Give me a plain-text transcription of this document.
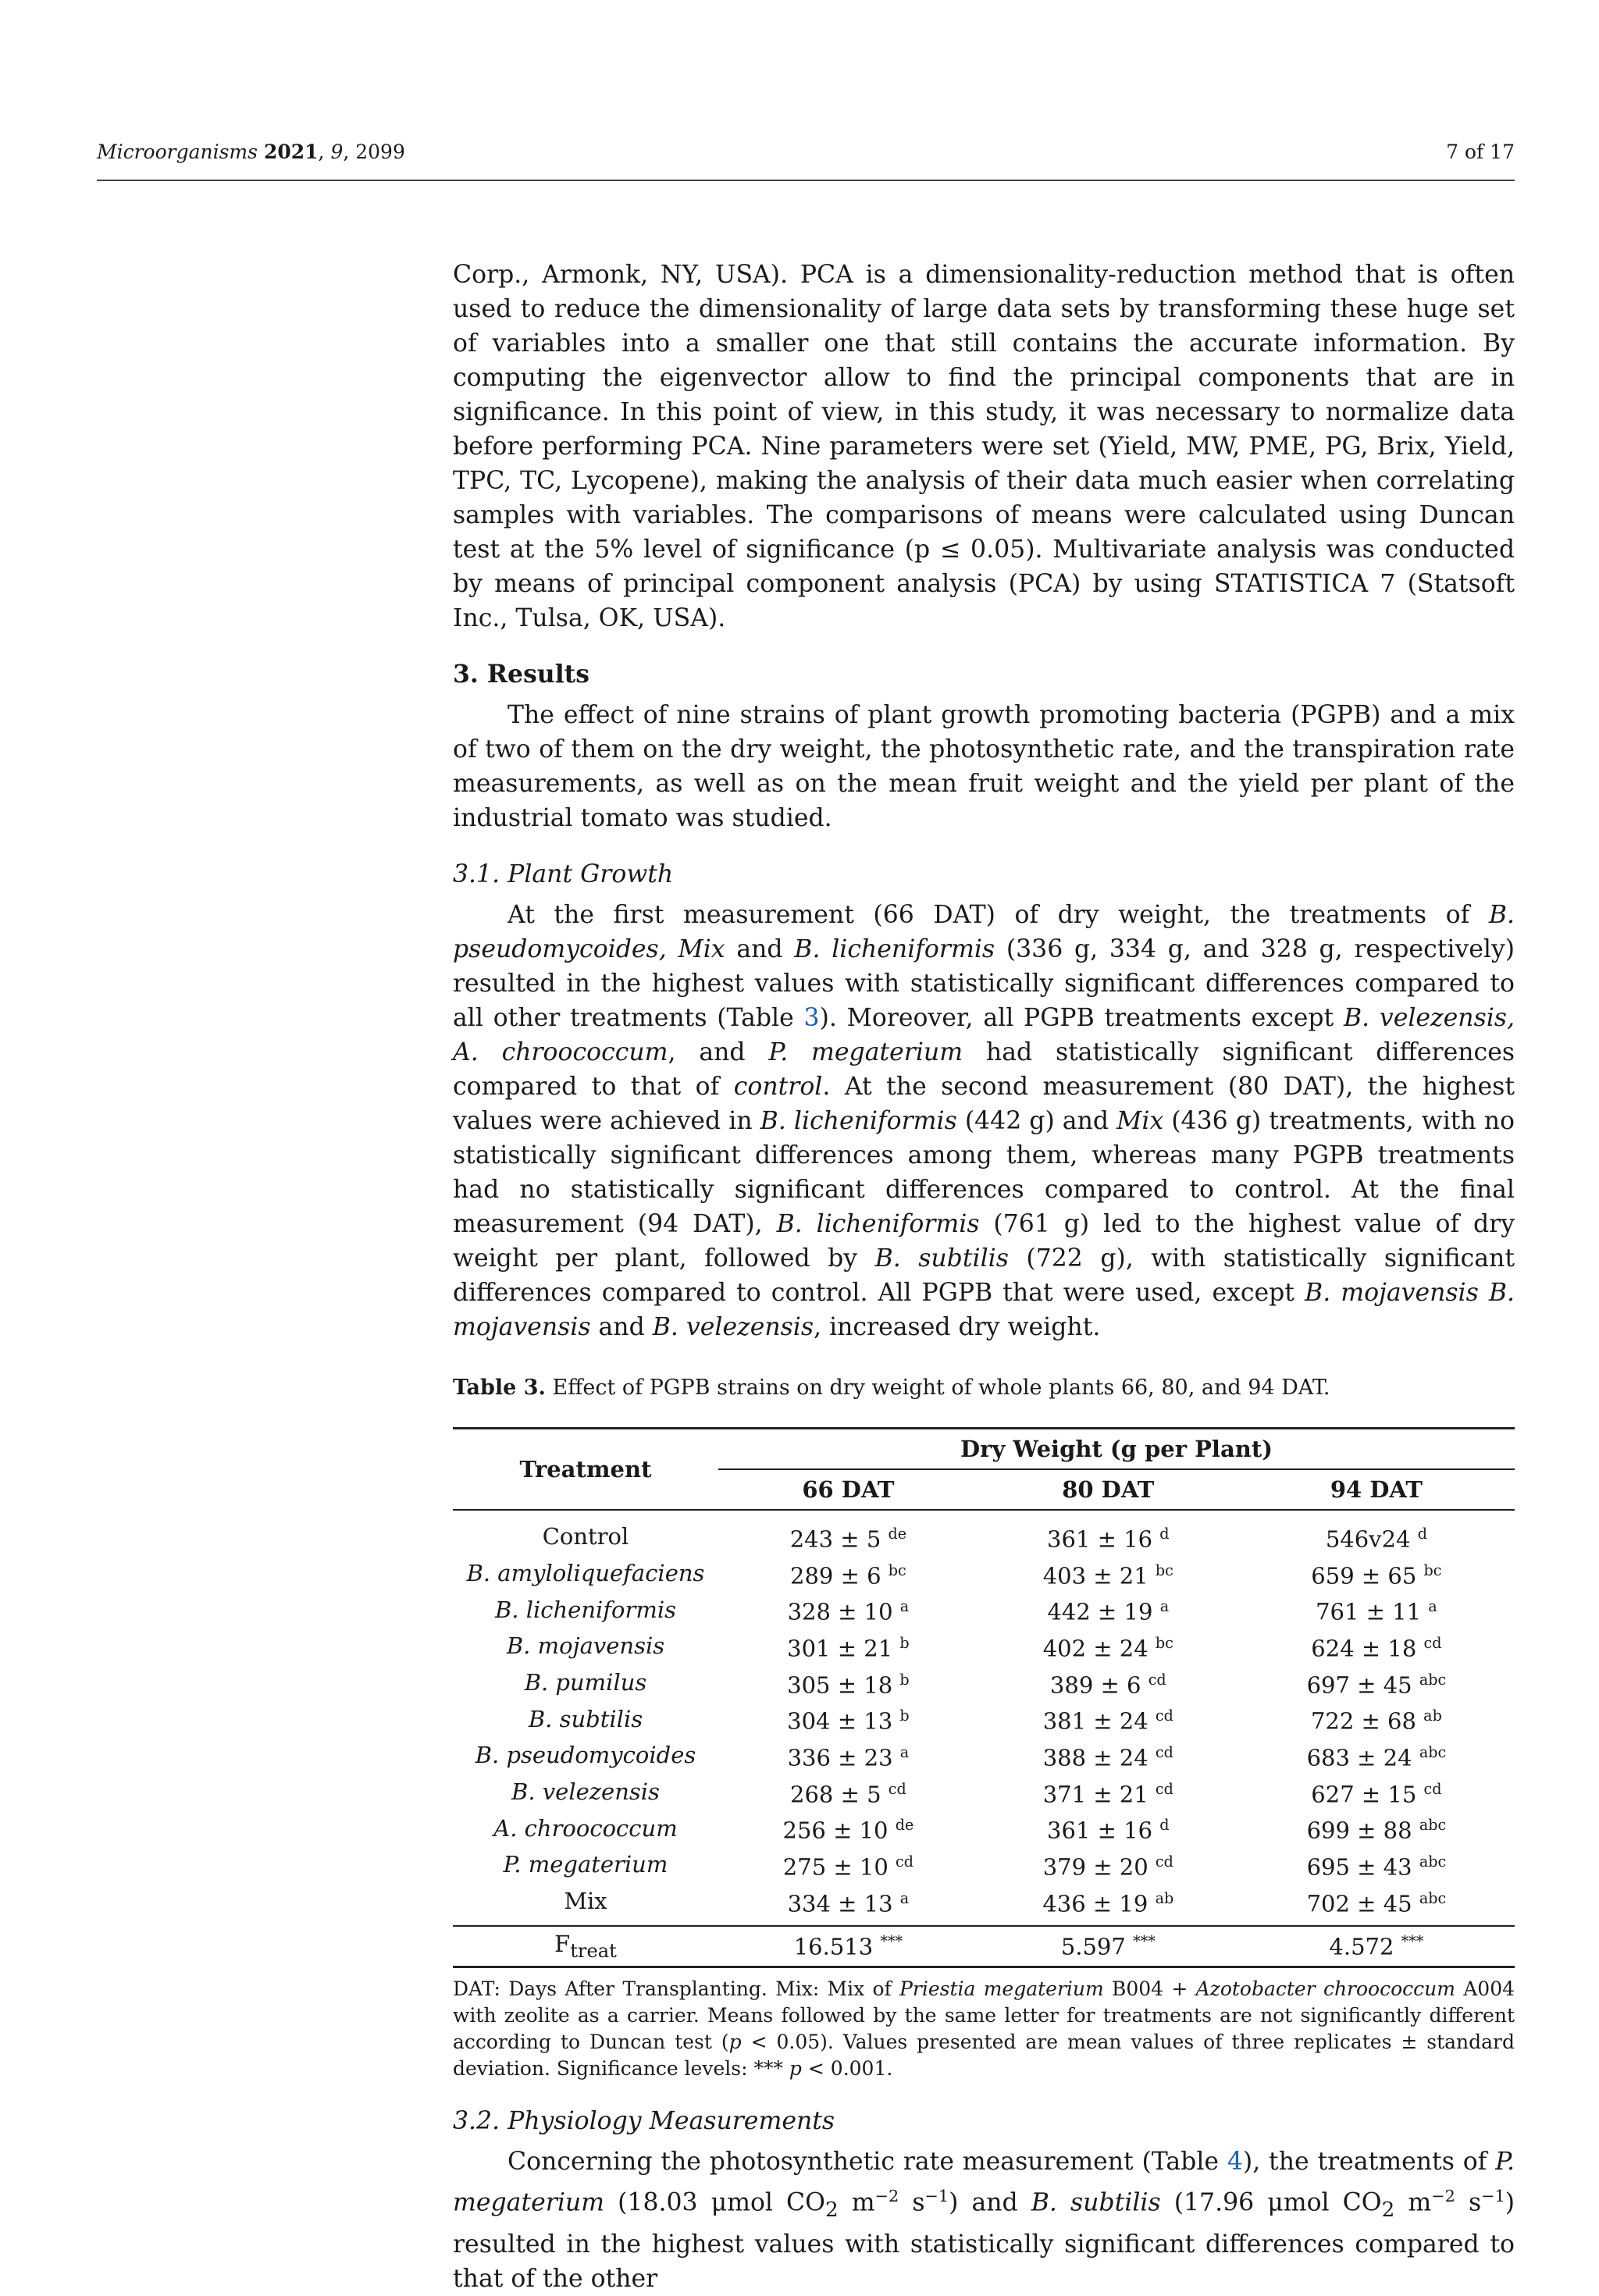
Microorganisms 2021, 9, 2099	7 of 17

Corp., Armonk, NY, USA). PCA is a dimensionality-reduction method that is often used to reduce the dimensionality of large data sets by transforming these huge set of variables into a smaller one that still contains the accurate information. By computing the eigenvector allow to find the principal components that are in significance. In this point of view, in this study, it was necessary to normalize data before performing PCA. Nine parameters were set (Yield, MW, PME, PG, Brix, Yield, TPC, TC, Lycopene), making the analysis of their data much easier when correlating samples with variables. The comparisons of means were calculated using Duncan test at the 5% level of significance (p ≤ 0.05). Multivariate analysis was conducted by means of principal component analysis (PCA) by using STATISTICA 7 (Statsoft Inc., Tulsa, OK, USA).

3. Results

The effect of nine strains of plant growth promoting bacteria (PGPB) and a mix of two of them on the dry weight, the photosynthetic rate, and the transpiration rate measurements, as well as on the mean fruit weight and the yield per plant of the industrial tomato was studied.

3.1. Plant Growth

At the first measurement (66 DAT) of dry weight, the treatments of B. pseudomycoides, Mix and B. licheniformis (336 g, 334 g, and 328 g, respectively) resulted in the highest values with statistically significant differences compared to all other treatments (Table 3). Moreover, all PGPB treatments except B. velezensis, A. chroococcum, and P. megaterium had statistically significant differences compared to that of control. At the second measurement (80 DAT), the highest values were achieved in B. licheniformis (442 g) and Mix (436 g) treatments, with no statistically significant differences among them, whereas many PGPB treatments had no statistically significant differences compared to control. At the final measurement (94 DAT), B. licheniformis (761 g) led to the highest value of dry weight per plant, followed by B. subtilis (722 g), with statistically significant differences compared to control. All PGPB that were used, except B. mojavensis B. mojavensis and B. velezensis, increased dry weight.

Table 3. Effect of PGPB strains on dry weight of whole plants 66, 80, and 94 DAT.
Treatment	Dry Weight (g per Plant)		
	66 DAT	80 DAT	94 DAT
Control	243 ± 5 $^{de}$	361 ± 16 $^d$	546v24 $^d$
B. amyloliquefaciens	289 ± 6 $^{bc}$	403 ± 21 $^{bc}$	659 ± 65 $^{bc}$
B. licheniformis	328 ± 10 $^a$	442 ± 19 $^a$	761 ± 11 $^a$
B. mojavensis	301 ± 21 $^b$	402 ± 24 $^{bc}$	624 ± 18 $^{cd}$
B. pumilus	305 ± 18 $^b$	389 ± 6 $^{cd}$	697 ± 45 $^{abc}$
B. subtilis	304 ± 13 $^b$	381 ± 24 $^{cd}$	722 ± 68 $^{ab}$
B. pseudomycoides	336 ± 23 $^a$	388 ± 24 $^{cd}$	683 ± 24 $^{abc}$
B. velezensis	268 ± 5 $^{cd}$	371 ± 21 $^{cd}$	627 ± 15 $^{cd}$
A. chroococcum	256 ± 10 $^{de}$	361 ± 16 $^d$	699 ± 88 $^{abc}$
P. megaterium	275 ± 10 $^{cd}$	379 ± 20 $^{cd}$	695 ± 43 $^{abc}$
Mix	334 ± 13 $^a$	436 ± 19 $^{ab}$	702 ± 45 $^{abc}$
$F_{treat}$	16.513 ***	5.597 ***	4.572 ***

DAT: Days After Transplanting. Mix: Mix of Priestia megaterium B004 + Azotobacter chroococcum A004 with zeolite as a carrier. Means followed by the same letter for treatments are not significantly different according to Duncan test (p < 0.05). Values presented are mean values of three replicates ± standard deviation. Significance levels: *** p < 0.001.

3.2. Physiology Measurements

Concerning the photosynthetic rate measurement (Table 4), the treatments of P. megaterium (18.03 μmol $CO_2$ $m^{-2}$ $s^{-1}$) and B. subtilis (17.96 μmol $CO_2$ $m^{-2}$ $s^{-1}$) resulted in the highest values with statistically significant differences compared to that of the other
